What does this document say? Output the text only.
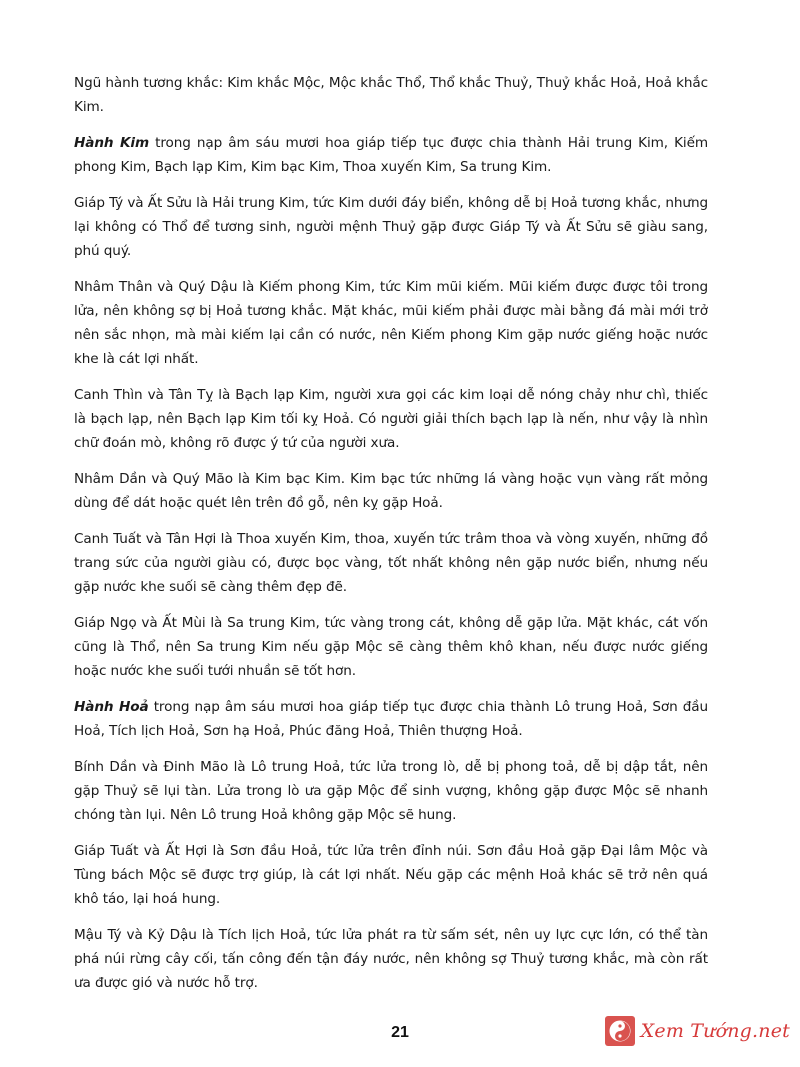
Ngũ hành tương khắc: Kim khắc Mộc, Mộc khắc Thổ, Thổ khắc Thuỷ, Thuỷ khắc Hoả, Hoả khắc Kim.

Hành Kim trong nạp âm sáu mươi hoa giáp tiếp tục được chia thành Hải trung Kim, Kiếm phong Kim, Bạch lạp Kim, Kim bạc Kim, Thoa xuyến Kim, Sa trung Kim.

Giáp Tý và Ất Sửu là Hải trung Kim, tức Kim dưới đáy biển, không dễ bị Hoả tương khắc, nhưng lại không có Thổ để tương sinh, người mệnh Thuỷ gặp được Giáp Tý và Ất Sửu sẽ giàu sang, phú quý.

Nhâm Thân và Quý Dậu là Kiếm phong Kim, tức Kim mũi kiếm. Mũi kiếm được được tôi trong lửa, nên không sợ bị Hoả tương khắc. Mặt khác, mũi kiếm phải được mài bằng đá mài mới trở nên sắc nhọn, mà mài kiếm lại cần có nước, nên Kiếm phong Kim gặp nước giếng hoặc nước khe là cát lợi nhất.

Canh Thìn và Tân Tỵ là Bạch lạp Kim, người xưa gọi các kim loại dễ nóng chảy như chì, thiếc là bạch lạp, nên Bạch lạp Kim tối kỵ Hoả. Có người giải thích bạch lạp là nến, như vậy là nhìn chữ đoán mò, không rõ được ý tứ của người xưa.

Nhâm Dần và Quý Mão là Kim bạc Kim. Kim bạc tức những lá vàng hoặc vụn vàng rất mỏng dùng để dát hoặc quét lên trên đồ gỗ, nên kỵ gặp Hoả.

Canh Tuất và Tân Hợi là Thoa xuyến Kim, thoa, xuyến tức trâm thoa và vòng xuyến, những đồ trang sức của người giàu có, được bọc vàng, tốt nhất không nên gặp nước biển, nhưng nếu gặp nước khe suối sẽ càng thêm đẹp đẽ.

Giáp Ngọ và Ất Mùi là Sa trung Kim, tức vàng trong cát, không dễ gặp lửa. Mặt khác, cát vốn cũng là Thổ, nên Sa trung Kim nếu gặp Mộc sẽ càng thêm khô khan, nếu được nước giếng hoặc nước khe suối tưới nhuần sẽ tốt hơn.

Hành Hoả trong nạp âm sáu mươi hoa giáp tiếp tục được chia thành Lô trung Hoả, Sơn đầu Hoả, Tích lịch Hoả, Sơn hạ Hoả, Phúc đăng Hoả, Thiên thượng Hoả.

Bính Dần và Đinh Mão là Lô trung Hoả, tức lửa trong lò, dễ bị phong toả, dễ bị dập tắt, nên gặp Thuỷ sẽ lụi tàn. Lửa trong lò ưa gặp Mộc để sinh vượng, không gặp được Mộc sẽ nhanh chóng tàn lụi. Nên Lô trung Hoả không gặp Mộc sẽ hung.

Giáp Tuất và Ất Hợi là Sơn đầu Hoả, tức lửa trên đỉnh núi. Sơn đầu Hoả gặp Đại lâm Mộc và Tùng bách Mộc sẽ được trợ giúp, là cát lợi nhất. Nếu gặp các mệnh Hoả khác sẽ trở nên quá khô táo, lại hoá hung.

Mậu Tý và Kỷ Dậu là Tích lịch Hoả, tức lửa phát ra từ sấm sét, nên uy lực cực lớn, có thể tàn phá núi rừng cây cối, tấn công đến tận đáy nước, nên không sợ Thuỷ tương khắc, mà còn rất ưa được gió và nước hỗ trợ.

21	Xem Tướng.net
